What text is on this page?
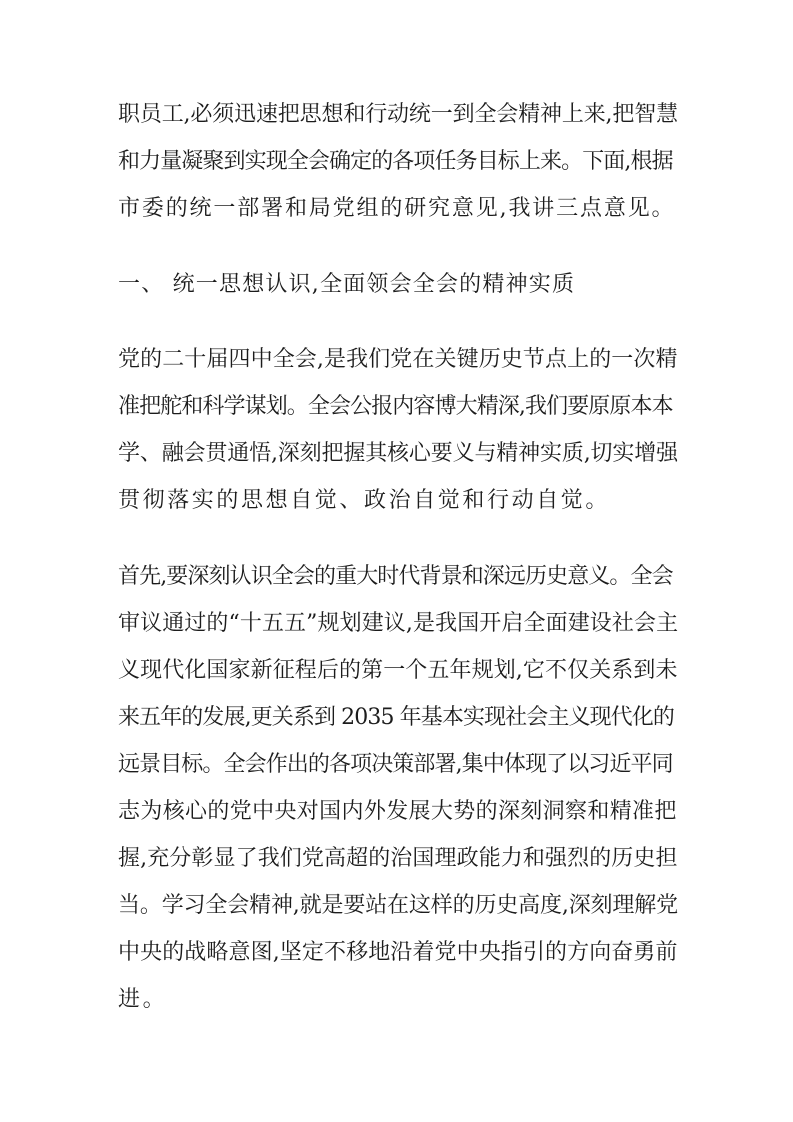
职员工,必须迅速把思想和行动统一到全会精神上来,把智慧
和力量凝聚到实现全会确定的各项任务目标上来。下面,根据
市委的统一部署和局党组的研究意见,我讲三点意见。
一、 统一思想认识,全面领会全会的精神实质
党的二十届四中全会,是我们党在关键历史节点上的一次精
准把舵和科学谋划。全会公报内容博大精深,我们要原原本本
学、融会贯通悟,深刻把握其核心要义与精神实质,切实增强
贯彻落实的思想自觉、政治自觉和行动自觉。
首先,要深刻认识全会的重大时代背景和深远历史意义。全会
审议通过的“十五五”规划建议,是我国开启全面建设社会主
义现代化国家新征程后的第一个五年规划,它不仅关系到未
来五年的发展,更关系到 2035 年基本实现社会主义现代化的
远景目标。全会作出的各项决策部署,集中体现了以习近平同
志为核心的党中央对国内外发展大势的深刻洞察和精准把
握,充分彰显了我们党高超的治国理政能力和强烈的历史担
当。学习全会精神,就是要站在这样的历史高度,深刻理解党
中央的战略意图,坚定不移地沿着党中央指引的方向奋勇前
进。
